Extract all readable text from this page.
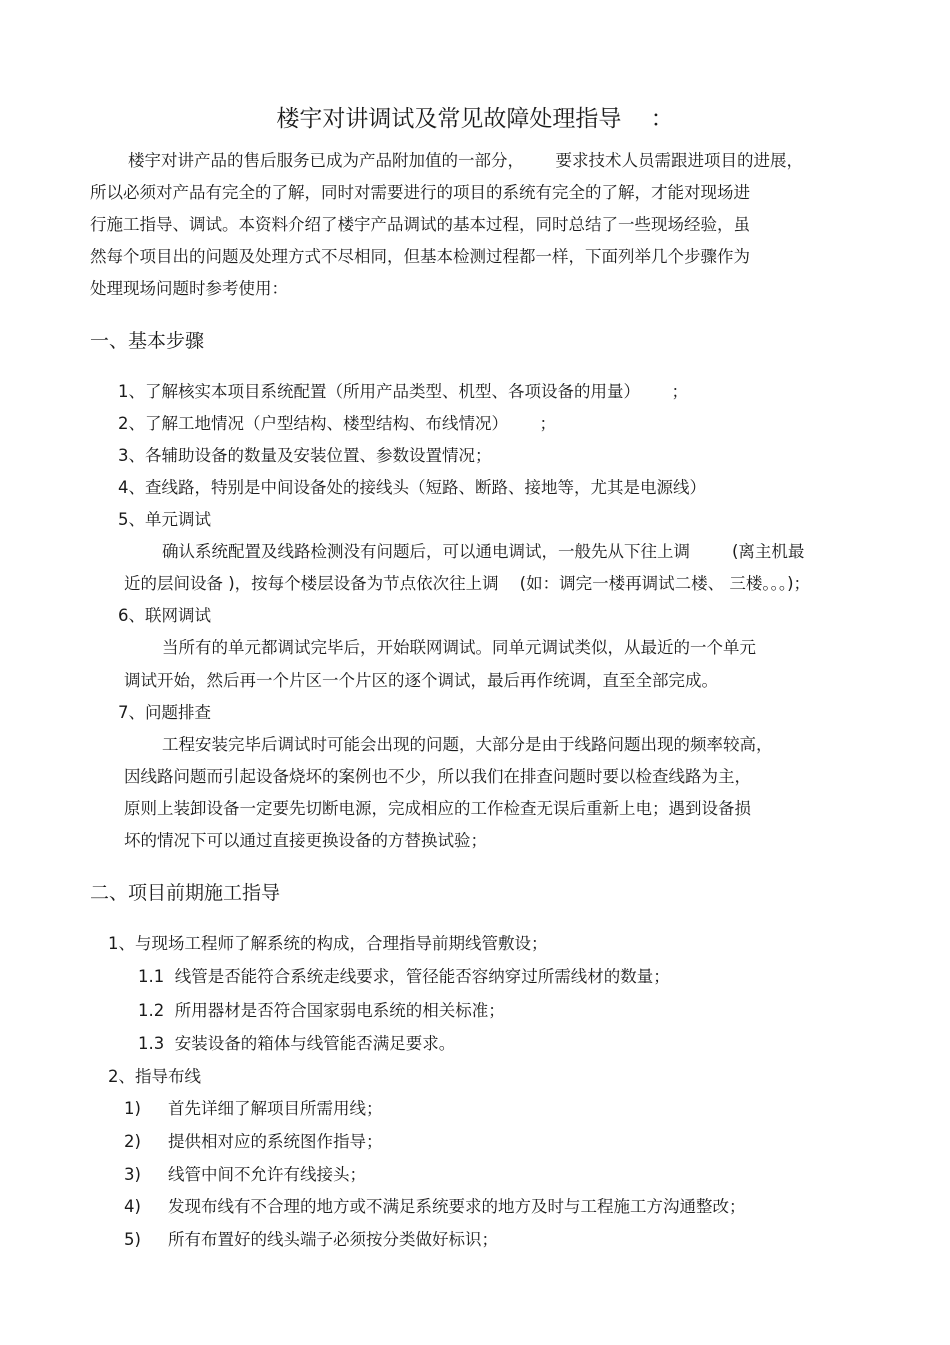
楼宇对讲调试及常见故障处理指导    ：
楼宇对讲产品的售后服务已成为产品附加值的一部分，      要求技术人员需跟进项目的进展，
所以必须对产品有完全的了解，同时对需要进行的项目的系统有完全的了解，才能对现场进
行施工指导、调试。本资料介绍了楼宇产品调试的基本过程，同时总结了一些现场经验，虽
然每个项目出的问题及处理方式不尽相同，但基本检测过程都一样，下面列举几个步骤作为
处理现场问题时参考使用：
一、基本步骤
1、了解核实本项目系统配置（所用产品类型、机型、各项设备的用量）      ；
2、了解工地情况（户型结构、楼型结构、布线情况）      ；
3、各辅助设备的数量及安装位置、参数设置情况；
4、查线路，特别是中间设备处的接线头（短路、断路、接地等，尤其是电源线）
5、单元调试
确认系统配置及线路检测没有问题后，可以通电调试，一般先从下往上调        (离主机最
近的层间设备 )，按每个楼层设备为节点依次往上调    (如：调完一楼再调试二楼、 三楼。。。)；
6、联网调试
当所有的单元都调试完毕后，开始联网调试。同单元调试类似，从最近的一个单元
调试开始，然后再一个片区一个片区的逐个调试，最后再作统调，直至全部完成。
7、问题排查
工程安装完毕后调试时可能会出现的问题，大部分是由于线路问题出现的频率较高，
因线路问题而引起设备烧坏的案例也不少，所以我们在排查问题时要以检查线路为主，
原则上装卸设备一定要先切断电源，完成相应的工作检查无误后重新上电；遇到设备损
坏的情况下可以通过直接更换设备的方替换试验；
二、项目前期施工指导
1、与现场工程师了解系统的构成，合理指导前期线管敷设；
1.1  线管是否能符合系统走线要求，管径能否容纳穿过所需线材的数量；
1.2  所用器材是否符合国家弱电系统的相关标准；
1.3  安装设备的箱体与线管能否满足要求。
2、指导布线
1) 首先详细了解项目所需用线；
2) 提供相对应的系统图作指导；
3) 线管中间不允许有线接头；
4) 发现布线有不合理的地方或不满足系统要求的地方及时与工程施工方沟通整改；
5) 所有布置好的线头端子必须按分类做好标识；
